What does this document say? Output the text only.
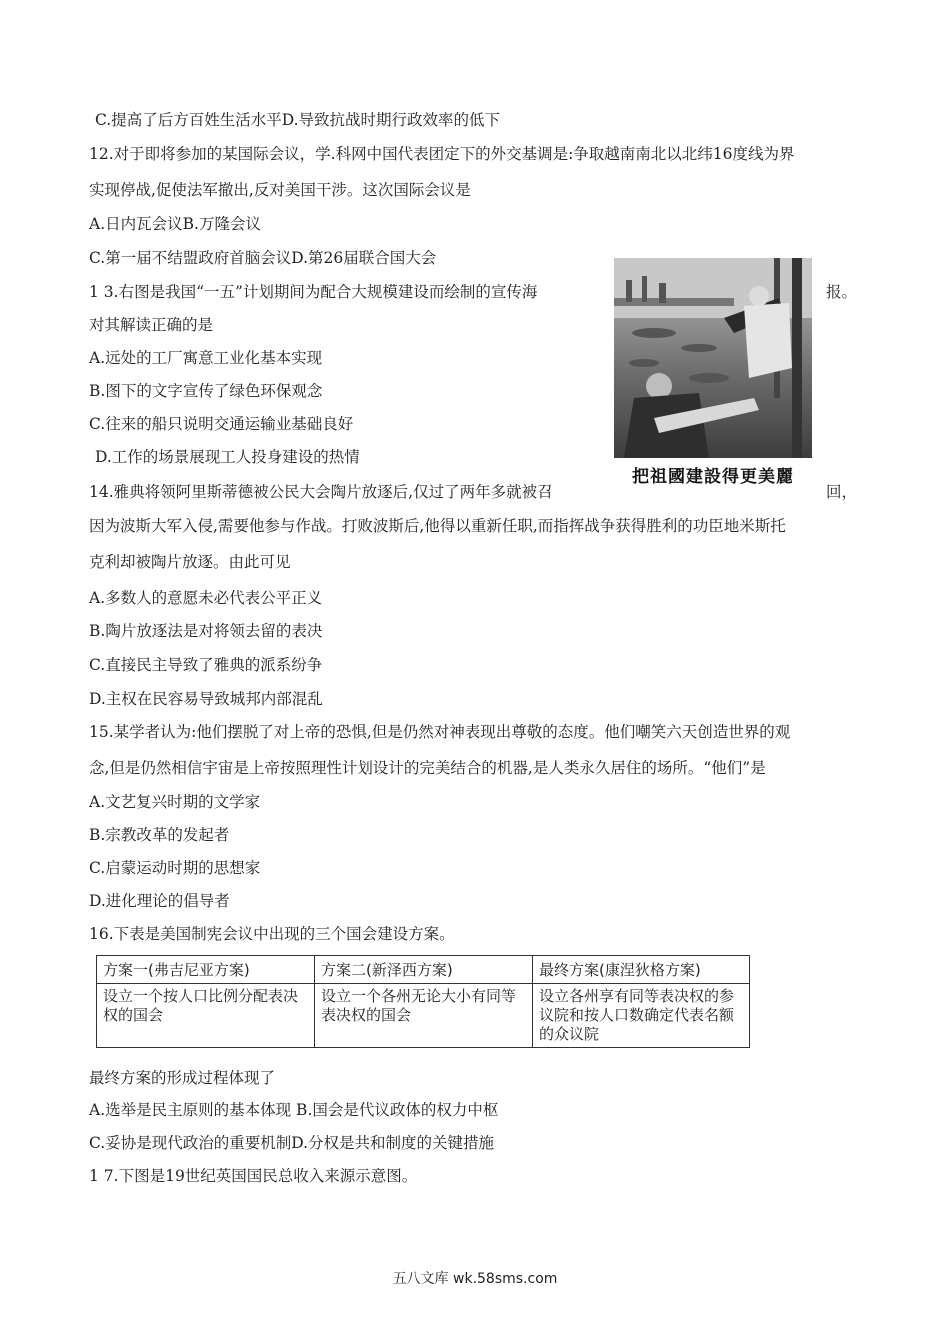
C.提高了后方百姓生活水平D.导致抗战时期行政效率的低下
12.对于即将参加的某国际会议，学.科网中国代表团定下的外交基调是:争取越南南北以北纬16度线为界
实现停战,促使法军撤出,反对美国干涉。这次国际会议是
A.日内瓦会议B.万隆会议
C.第一届不结盟政府首脑会议D.第26届联合国大会
1 3.右图是我国“一五”计划期间为配合大规模建设而绘制的宣传海	报。
对其解读正确的是
A.远处的工厂寓意工业化基本实现
B.图下的文字宣传了绿色环保观念
C.往来的船只说明交通运输业基础良好
D.工作的场景展现工人投身建设的热情
把祖國建設得更美麗
14.雅典将领阿里斯蒂德被公民大会陶片放逐后,仅过了两年多就被召	回，
因为波斯大军入侵,需要他参与作战。打败波斯后,他得以重新任职,而指挥战争获得胜利的功臣地米斯托
克利却被陶片放逐。由此可见
A.多数人的意愿未必代表公平正义
B.陶片放逐法是对将领去留的表决
C.直接民主导致了雅典的派系纷争
D.主权在民容易导致城邦内部混乱
15.某学者认为:他们摆脱了对上帝的恐惧,但是仍然对神表现出尊敬的态度。他们嘲笑六天创造世界的观
念,但是仍然相信宇宙是上帝按照理性计划设计的完美结合的机器,是人类永久居住的场所。“他们”是
A.文艺复兴时期的文学家
B.宗教改革的发起者
C.启蒙运动时期的思想家
D.进化理论的倡导者
16.下表是美国制宪会议中出现的三个国会建设方案。
方案一(弗吉尼亚方案)	方案二(新泽西方案)	最终方案(康涅狄格方案)
设立一个按人口比例分配表决权的国会	设立一个各州无论大小有同等表决权的国会	设立各州享有同等表决权的参议院和按人口数确定代表名额的众议院
最终方案的形成过程体现了
A.选举是民主原则的基本体现 B.国会是代议政体的权力中枢
C.妥协是现代政治的重要机制D.分权是共和制度的关键措施
1 7.下图是19世纪英国国民总收入来源示意图。
五八文库 wk.58sms.com
